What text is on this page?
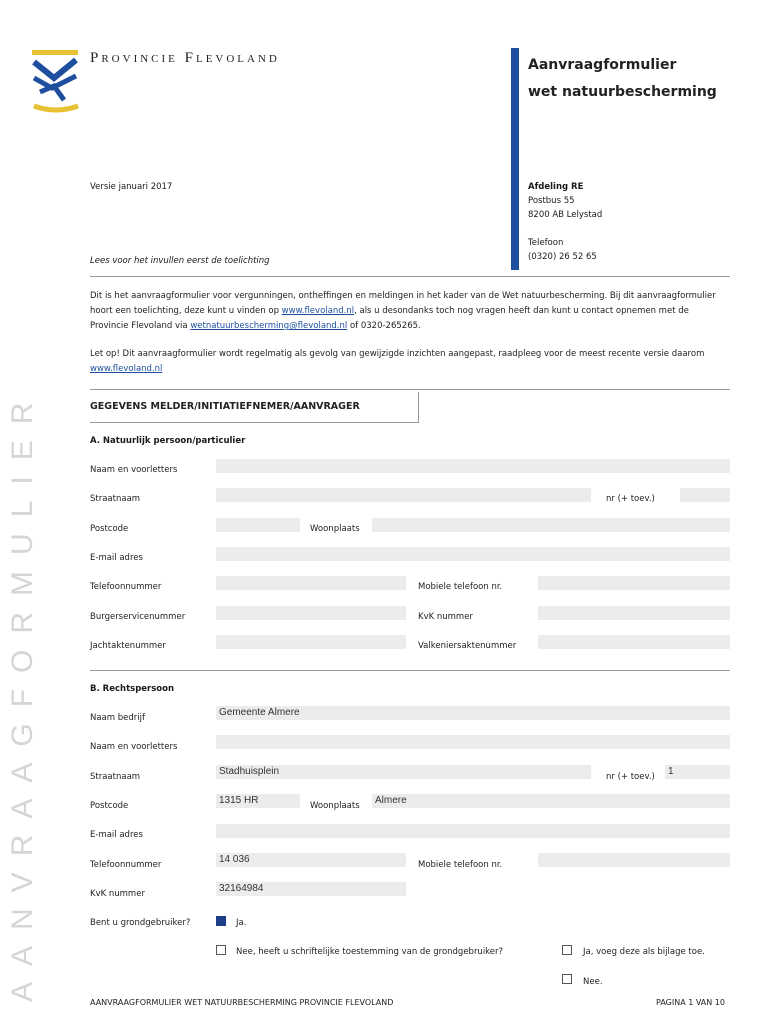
Provincie Flevoland	Aanvraagformulier
wet natuurbescherming
Versie januari 2017
Lees voor het invullen eerst de toelichting
Afdeling RE
Postbus 55
8200 AB Lelystad
Telefoon
(0320) 26 52 65
Dit is het aanvraagformulier voor vergunningen, ontheffingen en meldingen in het kader van de Wet natuurbescherming. Bij dit aanvraagformulier hoort een toelichting, deze kunt u vinden op www.flevoland.nl, als u desondanks toch nog vragen heeft dan kunt u contact opnemen met de Provincie Flevoland via wetnatuurbescherming@flevoland.nl of 0320-265265.
Let op! Dit aanvraagformulier wordt regelmatig als gevolg van gewijzigde inzichten aangepast, raadpleeg voor de meest recente versie daarom www.flevoland.nl
GEGEVENS MELDER/INITIATIEFNEMER/AANVRAGER
A. Natuurlijk persoon/particulier
Naam en voorletters
Straatnaam	nr (+ toev.)
Postcode	Woonplaats
E-mail adres
Telefoonnummer	Mobiele telefoon nr.
Burgerservicenummer	KvK nummer
Jachtaktenummer	Valkeniersaktenummer
B. Rechtspersoon
Naam bedrijf	Gemeente Almere
Naam en voorletters
Straatnaam	Stadhuisplein	nr (+ toev.)	1
Postcode	1315 HR	Woonplaats	Almere
E-mail adres
Telefoonnummer	14 036	Mobiele telefoon nr.
KvK nummer	32164984
Bent u grondgebruiker?	Ja.
Nee, heeft u schriftelijke toestemming van de grondgebruiker?	Ja, voeg deze als bijlage toe.
Nee.
AANVRAAGFORMULIER
AANVRAAGFORMULIER WET NATUURBESCHERMING PROVINCIE FLEVOLAND	PAGINA 1 VAN 10
